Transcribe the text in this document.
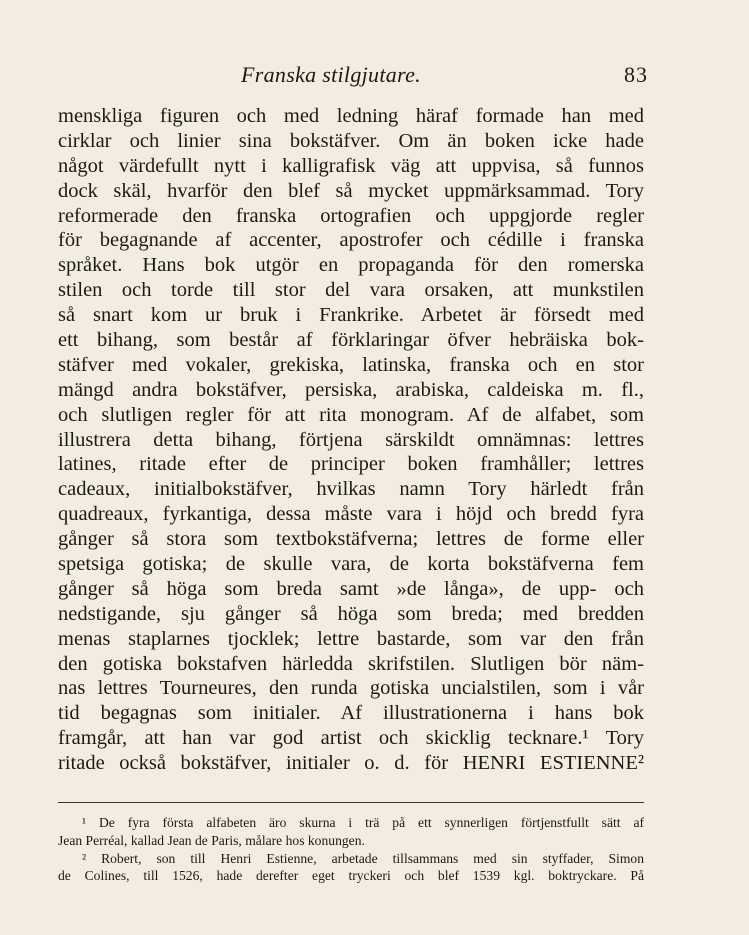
Franska stilgjutare.	83
menskliga figuren och med ledning häraf formade han med
cirklar och linier sina bokstäfver. Om än boken icke hade
något värdefullt nytt i kalligrafisk väg att uppvisa, så funnos
dock skäl, hvarför den blef så mycket uppmärksammad. Tory
reformerade den franska ortografien och uppgjorde regler
för begagnande af accenter, apostrofer och cédille i franska
språket. Hans bok utgör en propaganda för den romerska
stilen och torde till stor del vara orsaken, att munkstilen
så snart kom ur bruk i Frankrike. Arbetet är försedt med
ett bihang, som består af förklaringar öfver hebräiska bok-
stäfver med vokaler, grekiska, latinska, franska och en stor
mängd andra bokstäfver, persiska, arabiska, caldeiska m. fl.,
och slutligen regler för att rita monogram. Af de alfabet, som
illustrera detta bihang, förtjena särskildt omnämnas: lettres
latines, ritade efter de principer boken framhåller; lettres
cadeaux, initialbokstäfver, hvilkas namn Tory härledt från
quadreaux, fyrkantiga, dessa måste vara i höjd och bredd fyra
gånger så stora som textbokstäfverna; lettres de forme eller
spetsiga gotiska; de skulle vara, de korta bokstäfverna fem
gånger så höga som breda samt »de långa», de upp- och
nedstigande, sju gånger så höga som breda; med bredden
menas staplarnes tjocklek; lettre bastarde, som var den från
den gotiska bokstafven härledda skrifstilen. Slutligen bör näm-
nas lettres Tourneures, den runda gotiska uncialstilen, som i vår
tid begagnas som initialer. Af illustrationerna i hans bok
framgår, att han var god artist och skicklig tecknare.¹ Tory
ritade också bokstäfver, initialer o. d. för HENRI ESTIENNE²
¹ De fyra första alfabeten äro skurna i trä på ett synnerligen förtjenstfullt sätt af
Jean Perréal, kallad Jean de Paris, målare hos konungen.
² Robert, son till Henri Estienne, arbetade tillsammans med sin styffader, Simon
de Colines, till 1526, hade derefter eget tryckeri och blef 1539 kgl. boktryckare. På
